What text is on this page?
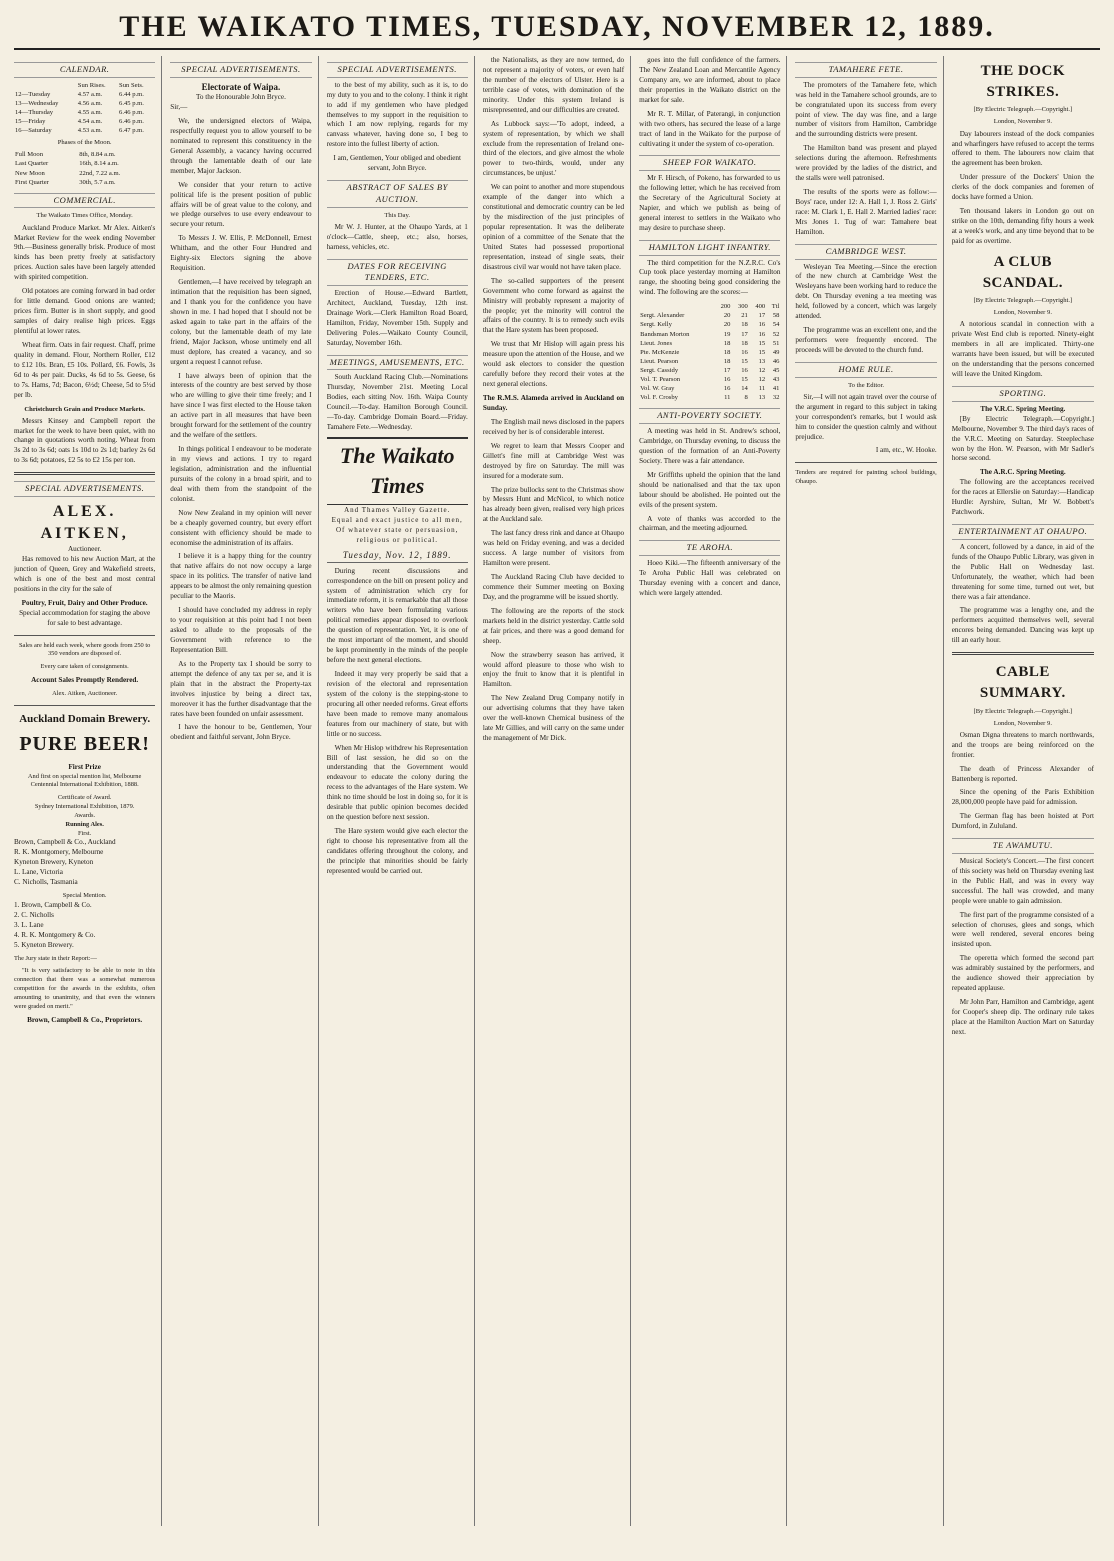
THE WAIKATO TIMES, TUESDAY, NOVEMBER 12, 1889.
CALENDAR.
	Sun Rises.	Sun Sets.
12—Tuesday	4.57 a.m.	6.44 p.m.
13—Wednesday	4.56 a.m.	6.45 p.m.
14—Thursday	4.55 a.m.	6.46 p.m.
15—Friday	4.54 a.m.	6.46 p.m.
16—Saturday	4.53 a.m.	6.47 p.m.
Phases of the Moon.
Full Moon	8th, 8.84 a.m.
Last Quarter	16th, 8.14 a.m.
New Moon	22nd, 7.22 a.m.
First Quarter	30th, 5.7 a.m.
COMMERCIAL.
The Waikato Times Office, Monday.

Auckland Produce Market. Mr Alex. Aitken's Market Review for the week ending November 9th.—Business generally brisk. Produce of most kinds has been pretty freely at satisfactory prices. Auction sales have been largely attended with spirited competition.

Old potatoes are coming forward in bad order for little demand. Good onions are wanted; prices firm. Butter is in short supply, and good samples of dairy realise high prices. Eggs plentiful at lower rates.

Wheat firm. Oats in fair request. Chaff, prime quality in demand. Flour, Northern Roller, £12 to £12 10s. Bran, £5 10s. Pollard, £6. Fowls, 3s 6d to 4s per pair. Ducks, 4s 6d to 5s. Geese, 6s to 7s. Hams, 7d; Bacon, 6½d; Cheese, 5d to 5½d per lb.

Christchurch Grain and Produce Markets.

Messrs Kinsey and Campbell report the market for the week to have been quiet, with no change in quotations worth noting. Wheat from 3s 2d to 3s 6d; oats 1s 10d to 2s 1d; barley 2s 6d to 3s 6d; potatoes, £2 5s to £2 15s per ton.

SPECIAL ADVERTISEMENTS.
ALEX. AITKEN,
Auctioneer.

Has removed to his new Auction Mart, at the junction of Queen, Grey and Wakefield streets, which is one of the best and most central positions in the city for the sale of

Poultry, Fruit, Dairy and Other Produce.

Special accommodation for staging the above for sale to best advantage.

Sales are held each week, where goods from 250 to 350 vendors are disposed of.

Every care taken of consignments.

Account Sales Promptly Rendered.

Alex. Aitken, Auctioneer.
Auckland Domain Brewery.
PURE BEER!
First Prize

And first on special mention list, Melbourne Centennial International Exhibition, 1888.

Certificate of Award.
Sydney International Exhibition, 1879.
Awards.
Running Ales.
First.
Brown, Campbell & Co., Auckland
R. K. Montgomery, Melbourne
Kyneton Brewery, Kyneton
L. Lane, Victoria
C. Nicholls, Tasmania
Special Mention.
1. Brown, Campbell & Co.
2. C. Nicholls
3. L. Lane
4. R. K. Montgomery & Co.
5. Kyneton Brewery.

The Jury state in their Report:—

"It is very satisfactory to be able to note in this connection that there was a somewhat numerous competition for the awards in the exhibits, often amounting to unanimity, and that even the winners were graded on merit."

Brown, Campbell & Co., Proprietors.
SPECIAL ADVERTISEMENTS.
Electorate of Waipa.
To the Honourable John Bryce.

Sir,—

We, the undersigned electors of Waipa, respectfully request you to allow yourself to be nominated to represent this constituency in the General Assembly, a vacancy having occurred through the lamentable death of our late member, Major Jackson.

We consider that your return to active political life is the present position of public affairs will be of great value to the colony, and we pledge ourselves to use every endeavour to secure your return.

To Messrs J. W. Ellis, P. McDonnell, Ernest Whitham, and the other Four Hundred and Eighty-six Electors signing the above Requisition.

Gentlemen,—I have received by telegraph an intimation that the requisition has been signed, and I thank you for the confidence you have shown in me. I had hoped that I should not be asked again to take part in the affairs of the colony, but the lamentable death of my late friend, Major Jackson, whose untimely end all must deplore, has created a vacancy, and so urgent a request I cannot refuse.

I have always been of opinion that the interests of the country are best served by those who are willing to give their time freely; and I have since I was first elected to the House taken an active part in all measures that have been brought forward for the settlement of the country and the welfare of the settlers.

In things political I endeavour to be moderate in my views and actions. I try to regard legislation, administration and the influential pursuits of the colony in a broad spirit, and to deal with them from the standpoint of the colonist.

Now New Zealand in my opinion will never be a cheaply governed country, but every effort consistent with efficiency should be made to economise the administration of its affairs.

I believe it is a happy thing for the country that native affairs do not now occupy a large space in its politics. The transfer of native land appears to be almost the only remaining question peculiar to the Maoris.

I should have concluded my address in reply to your requisition at this point had I not been asked to allude to the proposals of the Government with reference to the Representation Bill.

As to the Property tax I should be sorry to attempt the defence of any tax per se, and it is plain that in the abstract the Property-tax involves injustice by being a direct tax, moreover it has the further disadvantage that the rates have been founded on unfair assessment.

I have the honour to be, Gentlemen, Your obedient and faithful servant, John Bryce.

SPECIAL ADVERTISEMENTS.

to the best of my ability, such as it is, to do my duty to you and to the colony. I think it right to add if my gentlemen who have pledged themselves to my support in the requisition to which I am now replying, regards for my canvass whatever, having done so, I beg to restore into the fullest liberty of action.

I am, Gentlemen, Your obliged and obedient servant, John Bryce.

ABSTRACT OF SALES BY AUCTION.
This Day.

Mr W. J. Hunter, at the Ohaupo Yards, at 1 o'clock—Cattle, sheep, etc.; also, horses, harness, vehicles, etc.

DATES FOR RECEIVING TENDERS, ETC.

Erection of House.—Edward Bartlett, Architect, Auckland, Tuesday, 12th inst. Drainage Work.—Clerk Hamilton Road Board, Hamilton, Friday, November 15th. Supply and Delivering Poles.—Waikato County Council, Saturday, November 16th.

MEETINGS, AMUSEMENTS, ETC.

South Auckland Racing Club.—Nominations Thursday, November 21st. Meeting Local Bodies, each sitting Nov. 16th. Waipa County Council.—To-day. Hamilton Borough Council.—To-day. Cambridge Domain Board.—Friday. Tamahere Fete.—Wednesday.

The Waikato Times
And Thames Valley Gazette.
Equal and exact justice to all men, Of whatever state or persuasion, religious or political.
Tuesday, Nov. 12, 1889.

During recent discussions and correspondence on the bill on present policy and system of administration which cry for immediate reform, it is remarkable that all those writers who have been formulating various political remedies appear disposed to overlook the question of representation. Yet, it is one of the most important of the moment, and should be kept prominently in the minds of the people before the next general elections.

Indeed it may very properly be said that a revision of the electoral and representation system of the colony is the stepping-stone to procuring all other needed reforms. Great efforts have been made to remove many anomalous features from our machinery of state, but with little or no success.

When Mr Hislop withdrew his Representation Bill of last session, he did so on the understanding that the Government would endeavour to educate the colony during the recess to the advantages of the Hare system. We think no time should be lost in doing so, for it is desirable that public opinion becomes decided on the question before next session.

The Hare system would give each elector the right to choose his representative from all the candidates offering throughout the colony, and the principle that minorities should be fairly represented would be carried out.

the Nationalists, as they are now termed, do not represent a majority of voters, or even half the number of the electors of Ulster. Here is a terrible case of votes, with domination of the minority. Under this system Ireland is misrepresented, and our difficulties are created.

As Lubbock says:—'To adopt, indeed, a system of representation, by which we shall exclude from the representation of Ireland one-third of the electors, and give almost the whole power to two-thirds, would, under any circumstances, be unjust.'

We can point to another and more stupendous example of the danger into which a constitutional and democratic country can be led by the misdirection of the just principles of popular representation. It was the deliberate opinion of a committee of the Senate that the United States had possessed proportional representation, instead of single seats, their disastrous civil war would not have taken place.

The so-called supporters of the present Government who come forward as against the Ministry will probably represent a majority of the people; yet the minority will control the affairs of the country. It is to remedy such evils that the Hare system has been proposed.

We trust that Mr Hislop will again press his measure upon the attention of the House, and we would ask electors to consider the question carefully before they record their votes at the next general elections.

The R.M.S. Alameda arrived in Auckland on Sunday.

The English mail news disclosed in the papers received by her is of considerable interest.

We regret to learn that Messrs Cooper and Gillett's fine mill at Cambridge West was destroyed by fire on Saturday. The mill was insured for a moderate sum.

The prize bullocks sent to the Christmas show by Messrs Hunt and McNicol, to which notice has already been given, realised very high prices at the Auckland sale.

The last fancy dress rink and dance at Ohaupo was held on Friday evening, and was a decided success. A large number of visitors from Hamilton were present.

The Auckland Racing Club have decided to commence their Summer meeting on Boxing Day, and the programme will be issued shortly.

The following are the reports of the stock markets held in the district yesterday. Cattle sold at fair prices, and there was a good demand for sheep.

Now the strawberry season has arrived, it would afford pleasure to those who wish to enjoy the fruit to know that it is plentiful in Hamilton.

The New Zealand Drug Company notify in our advertising columns that they have taken over the well-known Chemical business of the late Mr Gillies, and will carry on the same under the management of Mr Dick.

goes into the full confidence of the farmers. The New Zealand Loan and Mercantile Agency Company are, we are informed, about to place their properties in the Waikato district on the market for sale.

Mr R. T. Millar, of Paterangi, in conjunction with two others, has secured the lease of a large tract of land in the Waikato for the purpose of cultivating it under the system of co-operation.

SHEEP FOR WAIKATO.

Mr F. Hirsch, of Pokeno, has forwarded to us the following letter, which he has received from the Secretary of the Agricultural Society at Napier, and which we publish as being of general interest to settlers in the Waikato who may desire to purchase sheep.

HAMILTON LIGHT INFANTRY.

The third competition for the N.Z.R.C. Co's Cup took place yesterday morning at Hamilton range, the shooting being good considering the wind. The following are the scores:—

	200	300	400	Ttl
Sergt. Alexander	20	21	17	58
Sergt. Kelly	20	18	16	54
Bandsman Morton	19	17	16	52
Lieut. Jones	18	18	15	51
Pte. McKenzie	18	16	15	49
Lieut. Pearson	18	15	13	46
Sergt. Cassidy	17	16	12	45
Vol. T. Pearson	16	15	12	43
Vol. W. Gray	16	14	11	41
Vol. F. Crosby	11	8	13	32
ANTI-POVERTY SOCIETY.

A meeting was held in St. Andrew's school, Cambridge, on Thursday evening, to discuss the question of the formation of an Anti-Poverty Society. There was a fair attendance.

Mr Griffiths upheld the opinion that the land should be nationalised and that the tax upon labour should be abolished. He pointed out the evils of the present system.

A vote of thanks was accorded to the chairman, and the meeting adjourned.

TE AROHA.

Hoeo Kiki.—The fifteenth anniversary of the Te Aroha Public Hall was celebrated on Thursday evening with a concert and dance, which were largely attended.

TAMAHERE FETE.

The promoters of the Tamahere fete, which was held in the Tamahere school grounds, are to be congratulated upon its success from every point of view. The day was fine, and a large number of visitors from Hamilton, Cambridge and the surrounding districts were present.

The Hamilton band was present and played selections during the afternoon. Refreshments were provided by the ladies of the district, and the stalls were well patronised.

The results of the sports were as follow:—Boys' race, under 12: A. Hall 1, J. Ross 2. Girls' race: M. Clark 1, E. Hall 2. Married ladies' race: Mrs Jones 1. Tug of war: Tamahere beat Hamilton.

CAMBRIDGE WEST.

Wesleyan Tea Meeting.—Since the erection of the new church at Cambridge West the Wesleyans have been working hard to reduce the debt. On Thursday evening a tea meeting was held, followed by a concert, which was largely attended.

The programme was an excellent one, and the performers were frequently encored. The proceeds will be devoted to the church fund.

HOME RULE.
To the Editor.

Sir,—I will not again travel over the course of the argument in regard to this subject in taking your correspondent's remarks, but I would ask him to consider the question calmly and without prejudice.

I am, etc., W. Hooke.

Tenders are required for painting school buildings, Ohaupo.

THE DOCK STRIKES.
[By Electric Telegraph.—Copyright.]
London, November 9.

Day labourers instead of the dock companies and wharfingers have refused to accept the terms offered to them. The labourers now claim that the agreement has been broken.

Under pressure of the Dockers' Union the clerks of the dock companies and foremen of docks have formed a Union.

Ten thousand lakers in London go out on strike on the 10th, demanding fifty hours a week at a week's work, and any time beyond that to be paid for as overtime.

A CLUB SCANDAL.
[By Electric Telegraph.—Copyright.]
London, November 9.

A notorious scandal in connection with a private West End club is reported. Ninety-eight members in all are implicated. Thirty-one warrants have been issued, but will be executed on the understanding that the persons concerned will leave the United Kingdom.

SPORTING.
The V.R.C. Spring Meeting.

[By Electric Telegraph.—Copyright.] Melbourne, November 9. The third day's races of the V.R.C. Meeting on Saturday. Steeplechase won by the Hon. W. Pearson, with Mr Sadler's horse second.

The A.R.C. Spring Meeting.

The following are the acceptances received for the races at Ellerslie on Saturday:—Handicap Hurdle: Ayrshire, Sultan, Mr W. Bobbett's Patchwork.

ENTERTAINMENT AT OHAUPO.

A concert, followed by a dance, in aid of the funds of the Ohaupo Public Library, was given in the Public Hall on Wednesday last. Unfortunately, the weather, which had been threatening for some time, turned out wet, but there was a fair attendance.

The programme was a lengthy one, and the performers acquitted themselves well, several encores being demanded. Dancing was kept up till an early hour.

CABLE SUMMARY.
[By Electric Telegraph.—Copyright.]
London, November 9.

Osman Digna threatens to march northwards, and the troops are being reinforced on the frontier.

The death of Princess Alexander of Battenberg is reported.

Since the opening of the Paris Exhibition 28,000,000 people have paid for admission.

The German flag has been hoisted at Port Durnford, in Zululand.

TE AWAMUTU.

Musical Society's Concert.—The first concert of this society was held on Thursday evening last in the Public Hall, and was in every way successful. The hall was crowded, and many people were unable to gain admission.

The first part of the programme consisted of a selection of choruses, glees and songs, which were well rendered, several encores being insisted upon.

The operetta which formed the second part was admirably sustained by the performers, and the audience showed their appreciation by repeated applause.

Mr John Parr, Hamilton and Cambridge, agent for Cooper's sheep dip. The ordinary rule takes place at the Hamilton Auction Mart on Saturday next.
